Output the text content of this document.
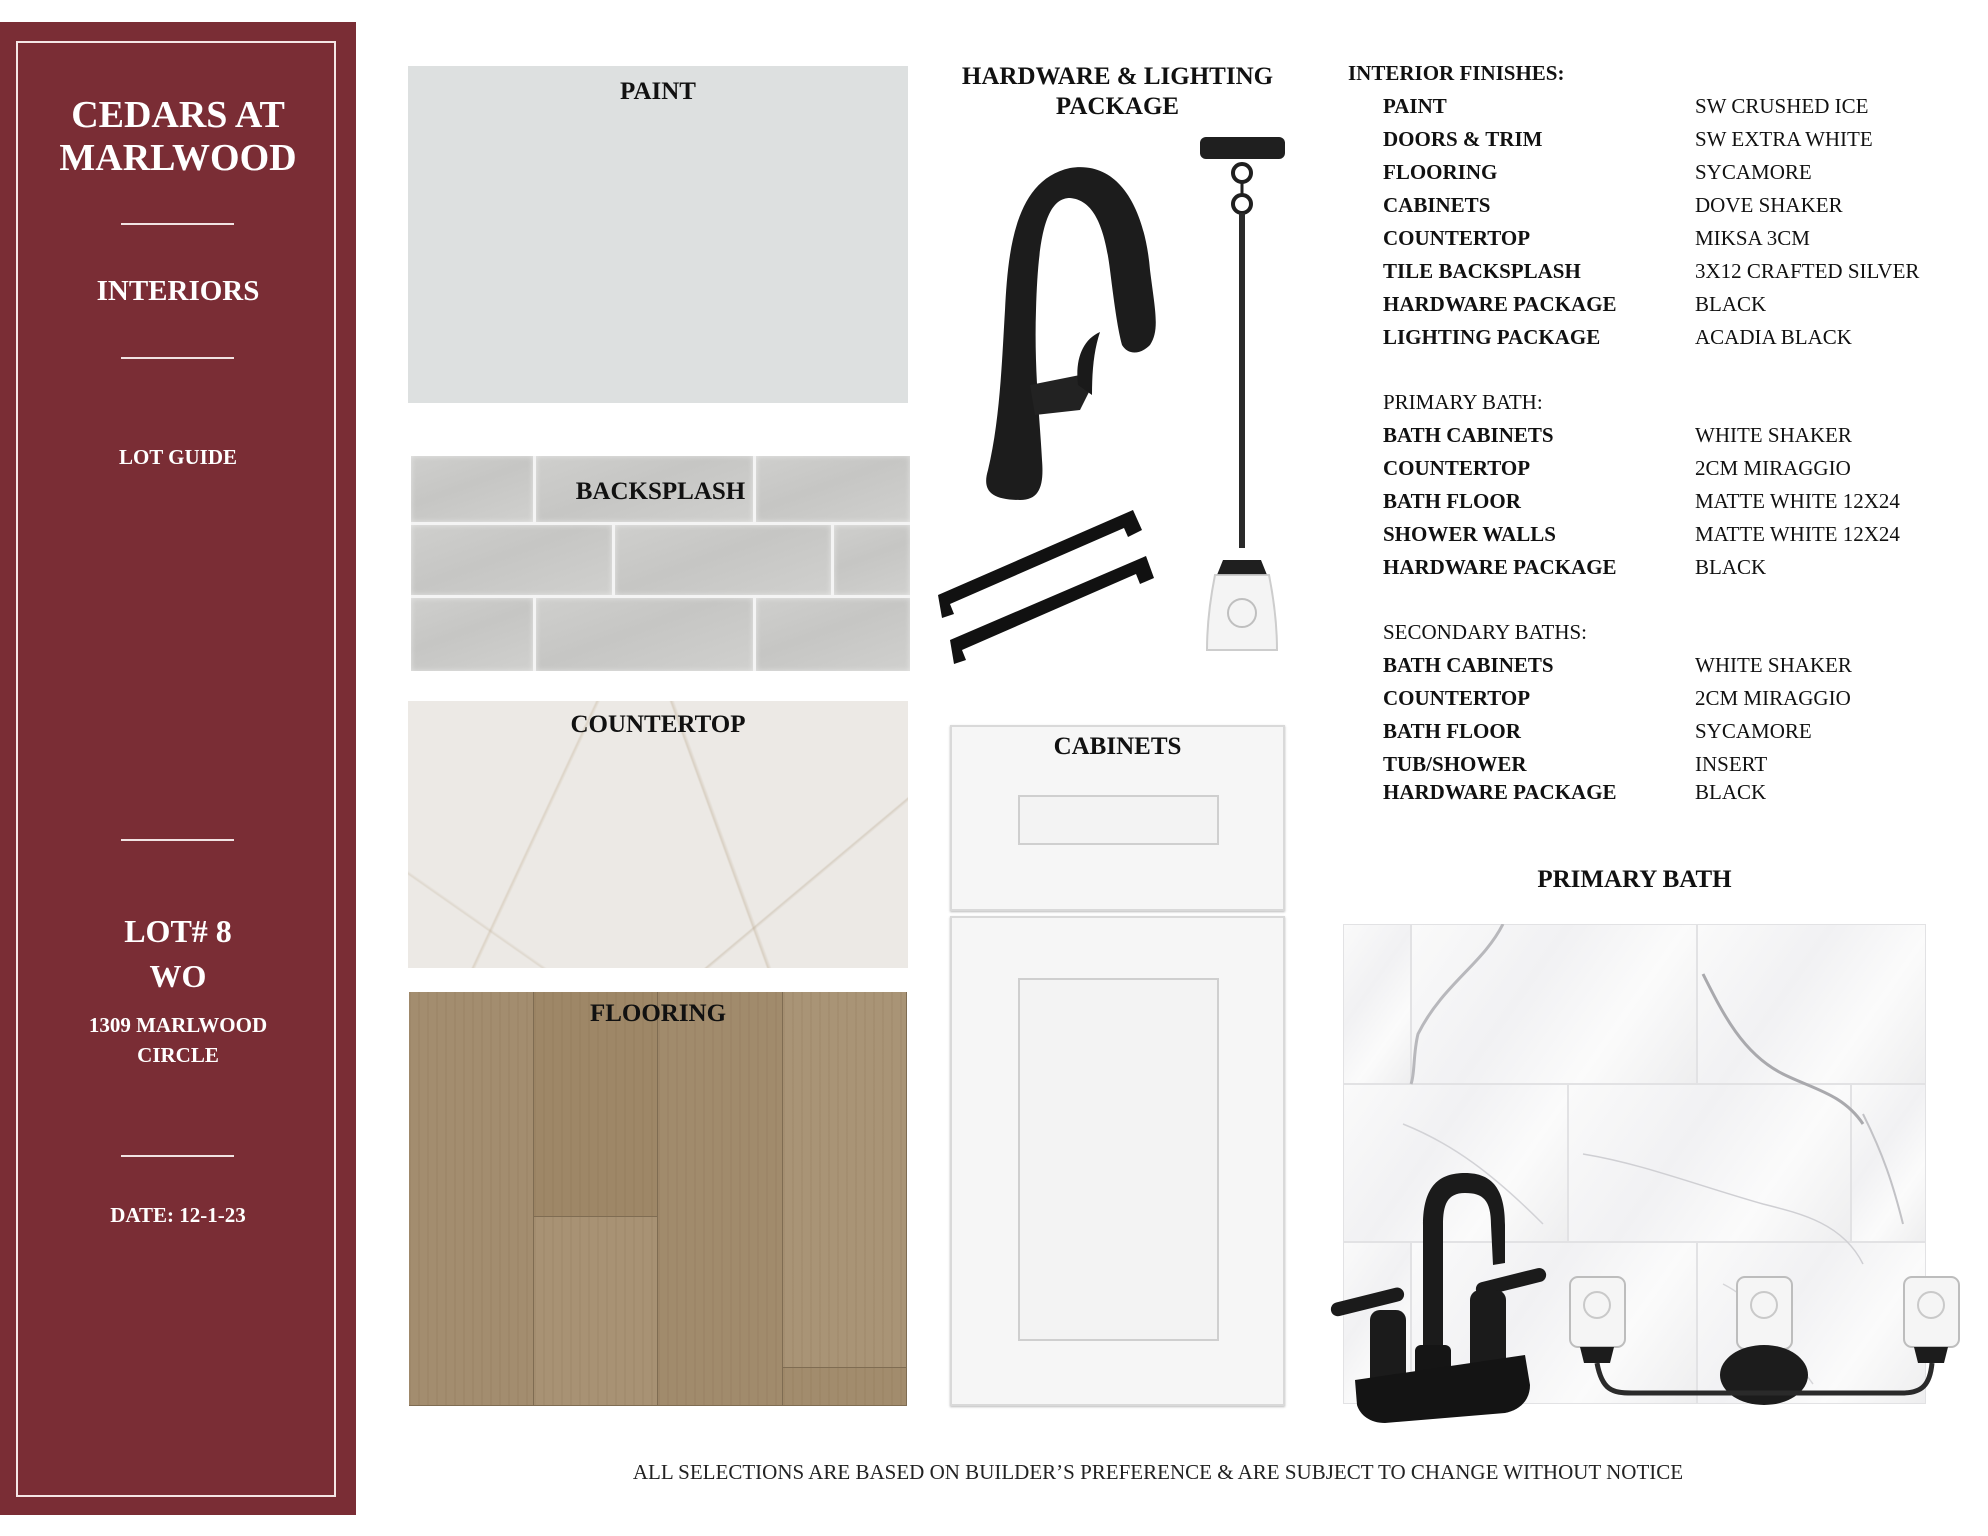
CEDARS AT
MARLWOOD
INTERIORS
LOT GUIDE
LOT# 8
WO
1309 MARLWOOD
CIRCLE
DATE: 12-1-23
PAINT
BACKSPLASH
COUNTERTOP
FLOORING
CABINETS
HARDWARE & LIGHTING
PACKAGE
INTERIOR FINISHES:
PAINT	SW CRUSHED ICE
DOORS & TRIM	SW EXTRA WHITE
FLOORING	SYCAMORE
CABINETS	DOVE SHAKER
COUNTERTOP	MIKSA 3CM
TILE BACKSPLASH	3X12 CRAFTED SILVER
HARDWARE PACKAGE	BLACK
LIGHTING PACKAGE	ACADIA BLACK
PRIMARY BATH:
BATH CABINETS	WHITE SHAKER
COUNTERTOP	2CM MIRAGGIO
BATH FLOOR	MATTE WHITE 12X24
SHOWER WALLS	MATTE WHITE 12X24
HARDWARE PACKAGE	BLACK
SECONDARY BATHS:
BATH CABINETS	WHITE SHAKER
COUNTERTOP	2CM MIRAGGIO
BATH FLOOR	SYCAMORE
TUB/SHOWER	INSERT
HARDWARE PACKAGE	BLACK
PRIMARY BATH
ALL SELECTIONS ARE BASED ON BUILDER’S PREFERENCE & ARE SUBJECT TO CHANGE WITHOUT NOTICE
